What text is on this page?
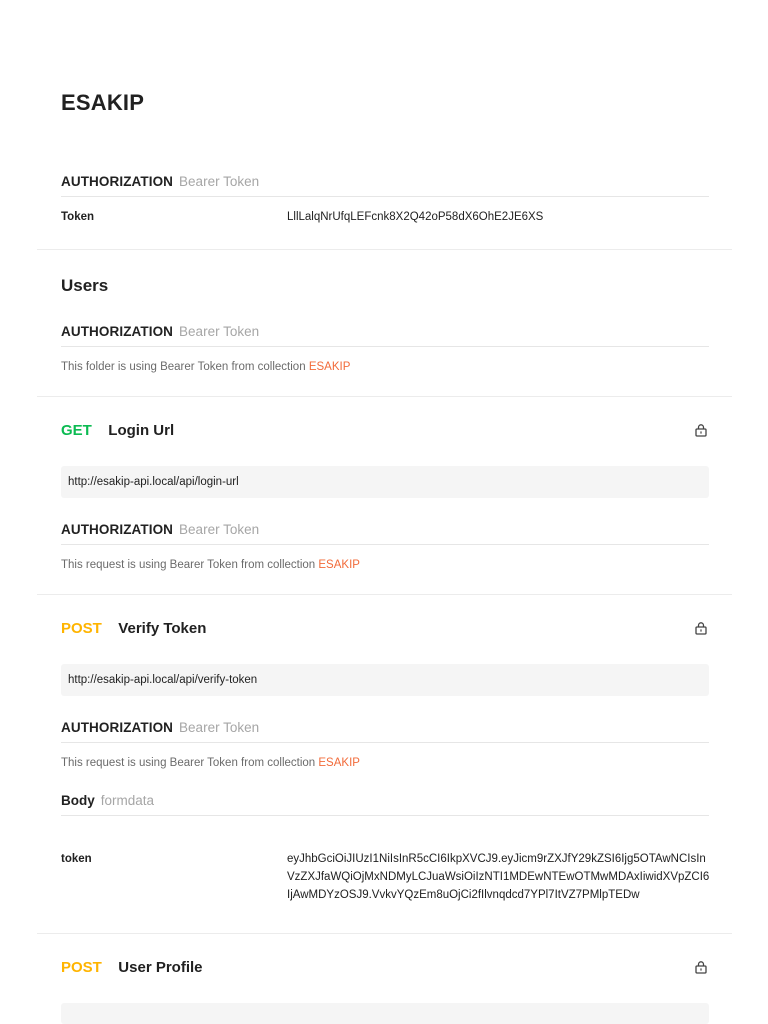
ESAKIP
AUTHORIZATION Bearer Token
Token	LllLalqNrUfqLEFcnk8X2Q42oP58dX6OhE2JE6XS
Users
AUTHORIZATION Bearer Token
This folder is using Bearer Token from collection ESAKIP
GET Login Url
http://esakip-api.local/api/login-url
AUTHORIZATION Bearer Token
This request is using Bearer Token from collection ESAKIP
POST Verify Token
http://esakip-api.local/api/verify-token
AUTHORIZATION Bearer Token
This request is using Bearer Token from collection ESAKIP
Body formdata
token	eyJhbGciOiJIUzI1NiIsInR5cCI6IkpXVCJ9.eyJicm9rZXJfY29kZSI6Ijg5OTAwNCIsInVzZXJfaWQiOjMxNDMyLCJuaWsiOiIzNTI1MDEwNTEwOTMwMDAxIiwidXVpZCI6IjAwMDYzOSJ9.VvkvYQzEm8uOjCi2fIlvnqdcd7YPl7ItVZ7PMlpTEDw
POST User Profile
